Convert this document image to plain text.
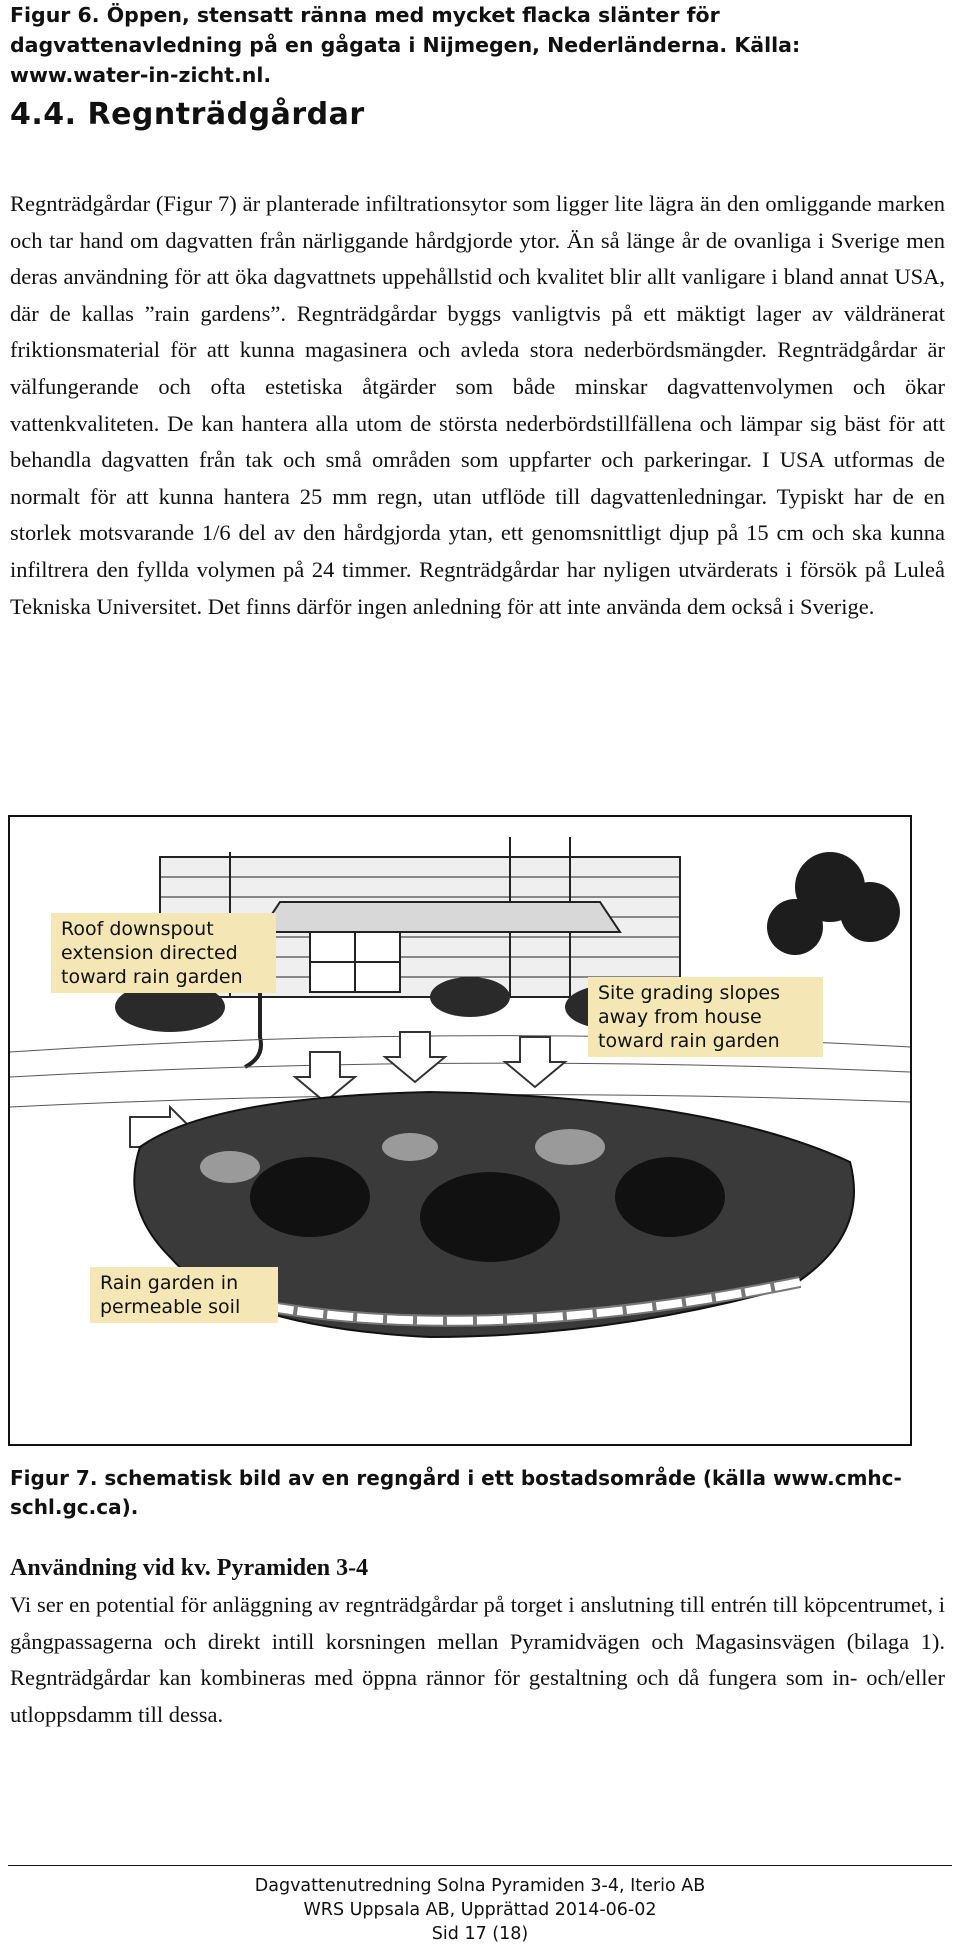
Figur 6. Öppen, stensatt ränna med mycket flacka slänter för dagvattenavledning på en gågata i Nijmegen, Nederländerna. Källa: www.water-in-zicht.nl.
4.4. Regnträdgårdar
Regnträdgårdar (Figur 7) är planterade infiltrationsytor som ligger lite lägra än den omliggande marken och tar hand om dagvatten från närliggande hårdgjorde ytor. Än så länge år de ovanliga i Sverige men deras användning för att öka dagvattnets uppehållstid och kvalitet blir allt vanligare i bland annat USA, där de kallas ”rain gardens”. Regnträdgårdar byggs vanligtvis på ett mäktigt lager av väldränerat friktionsmaterial för att kunna magasinera och avleda stora nederbördsmängder. Regnträdgårdar är välfungerande och ofta estetiska åtgärder som både minskar dagvattenvolymen och ökar vattenkvaliteten. De kan hantera alla utom de största nederbördstillfällena och lämpar sig bäst för att behandla dagvatten från tak och små områden som uppfarter och parkeringar. I USA utformas de normalt för att kunna hantera 25 mm regn, utan utflöde till dagvattenledningar. Typiskt har de en storlek motsvarande 1/6 del av den hårdgjorda ytan, ett genomsnittligt djup på 15 cm och ska kunna infiltrera den fyllda volymen på 24 timmer. Regnträdgårdar har nyligen utvärderats i försök på Luleå Tekniska Universitet. Det finns därför ingen anledning för att inte använda dem också i Sverige.
Roof downspout extension directed toward rain garden
Site grading slopes away from house toward rain garden
Rain garden in permeable soil
Figur 7. schematisk bild av en regngård i ett bostadsområde (källa www.cmhc-schl.gc.ca).
Användning vid kv. Pyramiden 3-4
Vi ser en potential för anläggning av regnträdgårdar på torget i anslutning till entrén till köpcentrumet, i gångpassagerna och direkt intill korsningen mellan Pyramidvägen och Magasinsvägen (bilaga 1). Regnträdgårdar kan kombineras med öppna rännor för gestaltning och då fungera som in- och/eller utloppsdamm till dessa.
Dagvattenutredning Solna Pyramiden 3-4, Iterio AB
WRS Uppsala AB, Upprättad 2014-06-02
Sid 17 (18)
